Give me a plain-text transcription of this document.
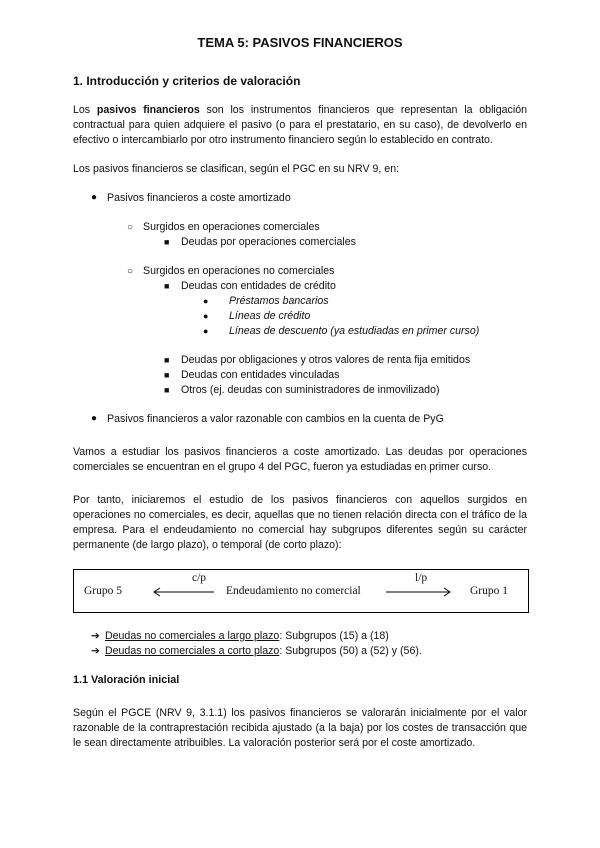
TEMA 5: PASIVOS FINANCIEROS
1. Introducción y criterios de valoración

Los pasivos financieros son los instrumentos financieros que representan la obligación contractual para quien adquiere el pasivo (o para el prestatario, en su caso), de devolverlo en efectivo o intercambiarlo por otro instrumento financiero según lo establecido en contrato.

Los pasivos financieros se clasifican, según el PGC en su NRV 9, en:

● Pasivos financieros a coste amortizado
○ Surgidos en operaciones comerciales
■ Deudas por operaciones comerciales
○ Surgidos en operaciones no comerciales
■ Deudas con entidades de crédito
● Préstamos bancarios
● Líneas de crédito
● Líneas de descuento (ya estudiadas en primer curso)
■ Deudas por obligaciones y otros valores de renta fija emitidos
■ Deudas con entidades vinculadas
■ Otros (ej. deudas con suministradores de inmovilizado)
● Pasivos financieros a valor razonable con cambios en la cuenta de PyG

Vamos a estudiar los pasivos financieros a coste amortizado. Las deudas por operaciones comerciales se encuentran en el grupo 4 del PGC, fueron ya estudiadas en primer curso.

Por tanto, iniciaremos el estudio de los pasivos financieros con aquellos surgidos en operaciones no comerciales, es decir, aquellas que no tienen relación directa con el tráfico de la empresa. Para el endeudamiento no comercial hay subgrupos diferentes según su carácter permanente (de largo plazo), o temporal (de corto plazo):

Grupo 5
c/p
Endeudamiento no comercial
l/p
Grupo 1
➔ Deudas no comerciales a largo plazo: Subgrupos (15) a (18)
➔ Deudas no comerciales a corto plazo: Subgrupos (50) a (52) y (56).
1.1 Valoración inicial

Según el PGCE (NRV 9, 3.1.1) los pasivos financieros se valorarán inicialmente por el valor razonable de la contraprestación recibida ajustado (a la baja) por los costes de transacción que le sean directamente atribuibles. La valoración posterior será por el coste amortizado.
